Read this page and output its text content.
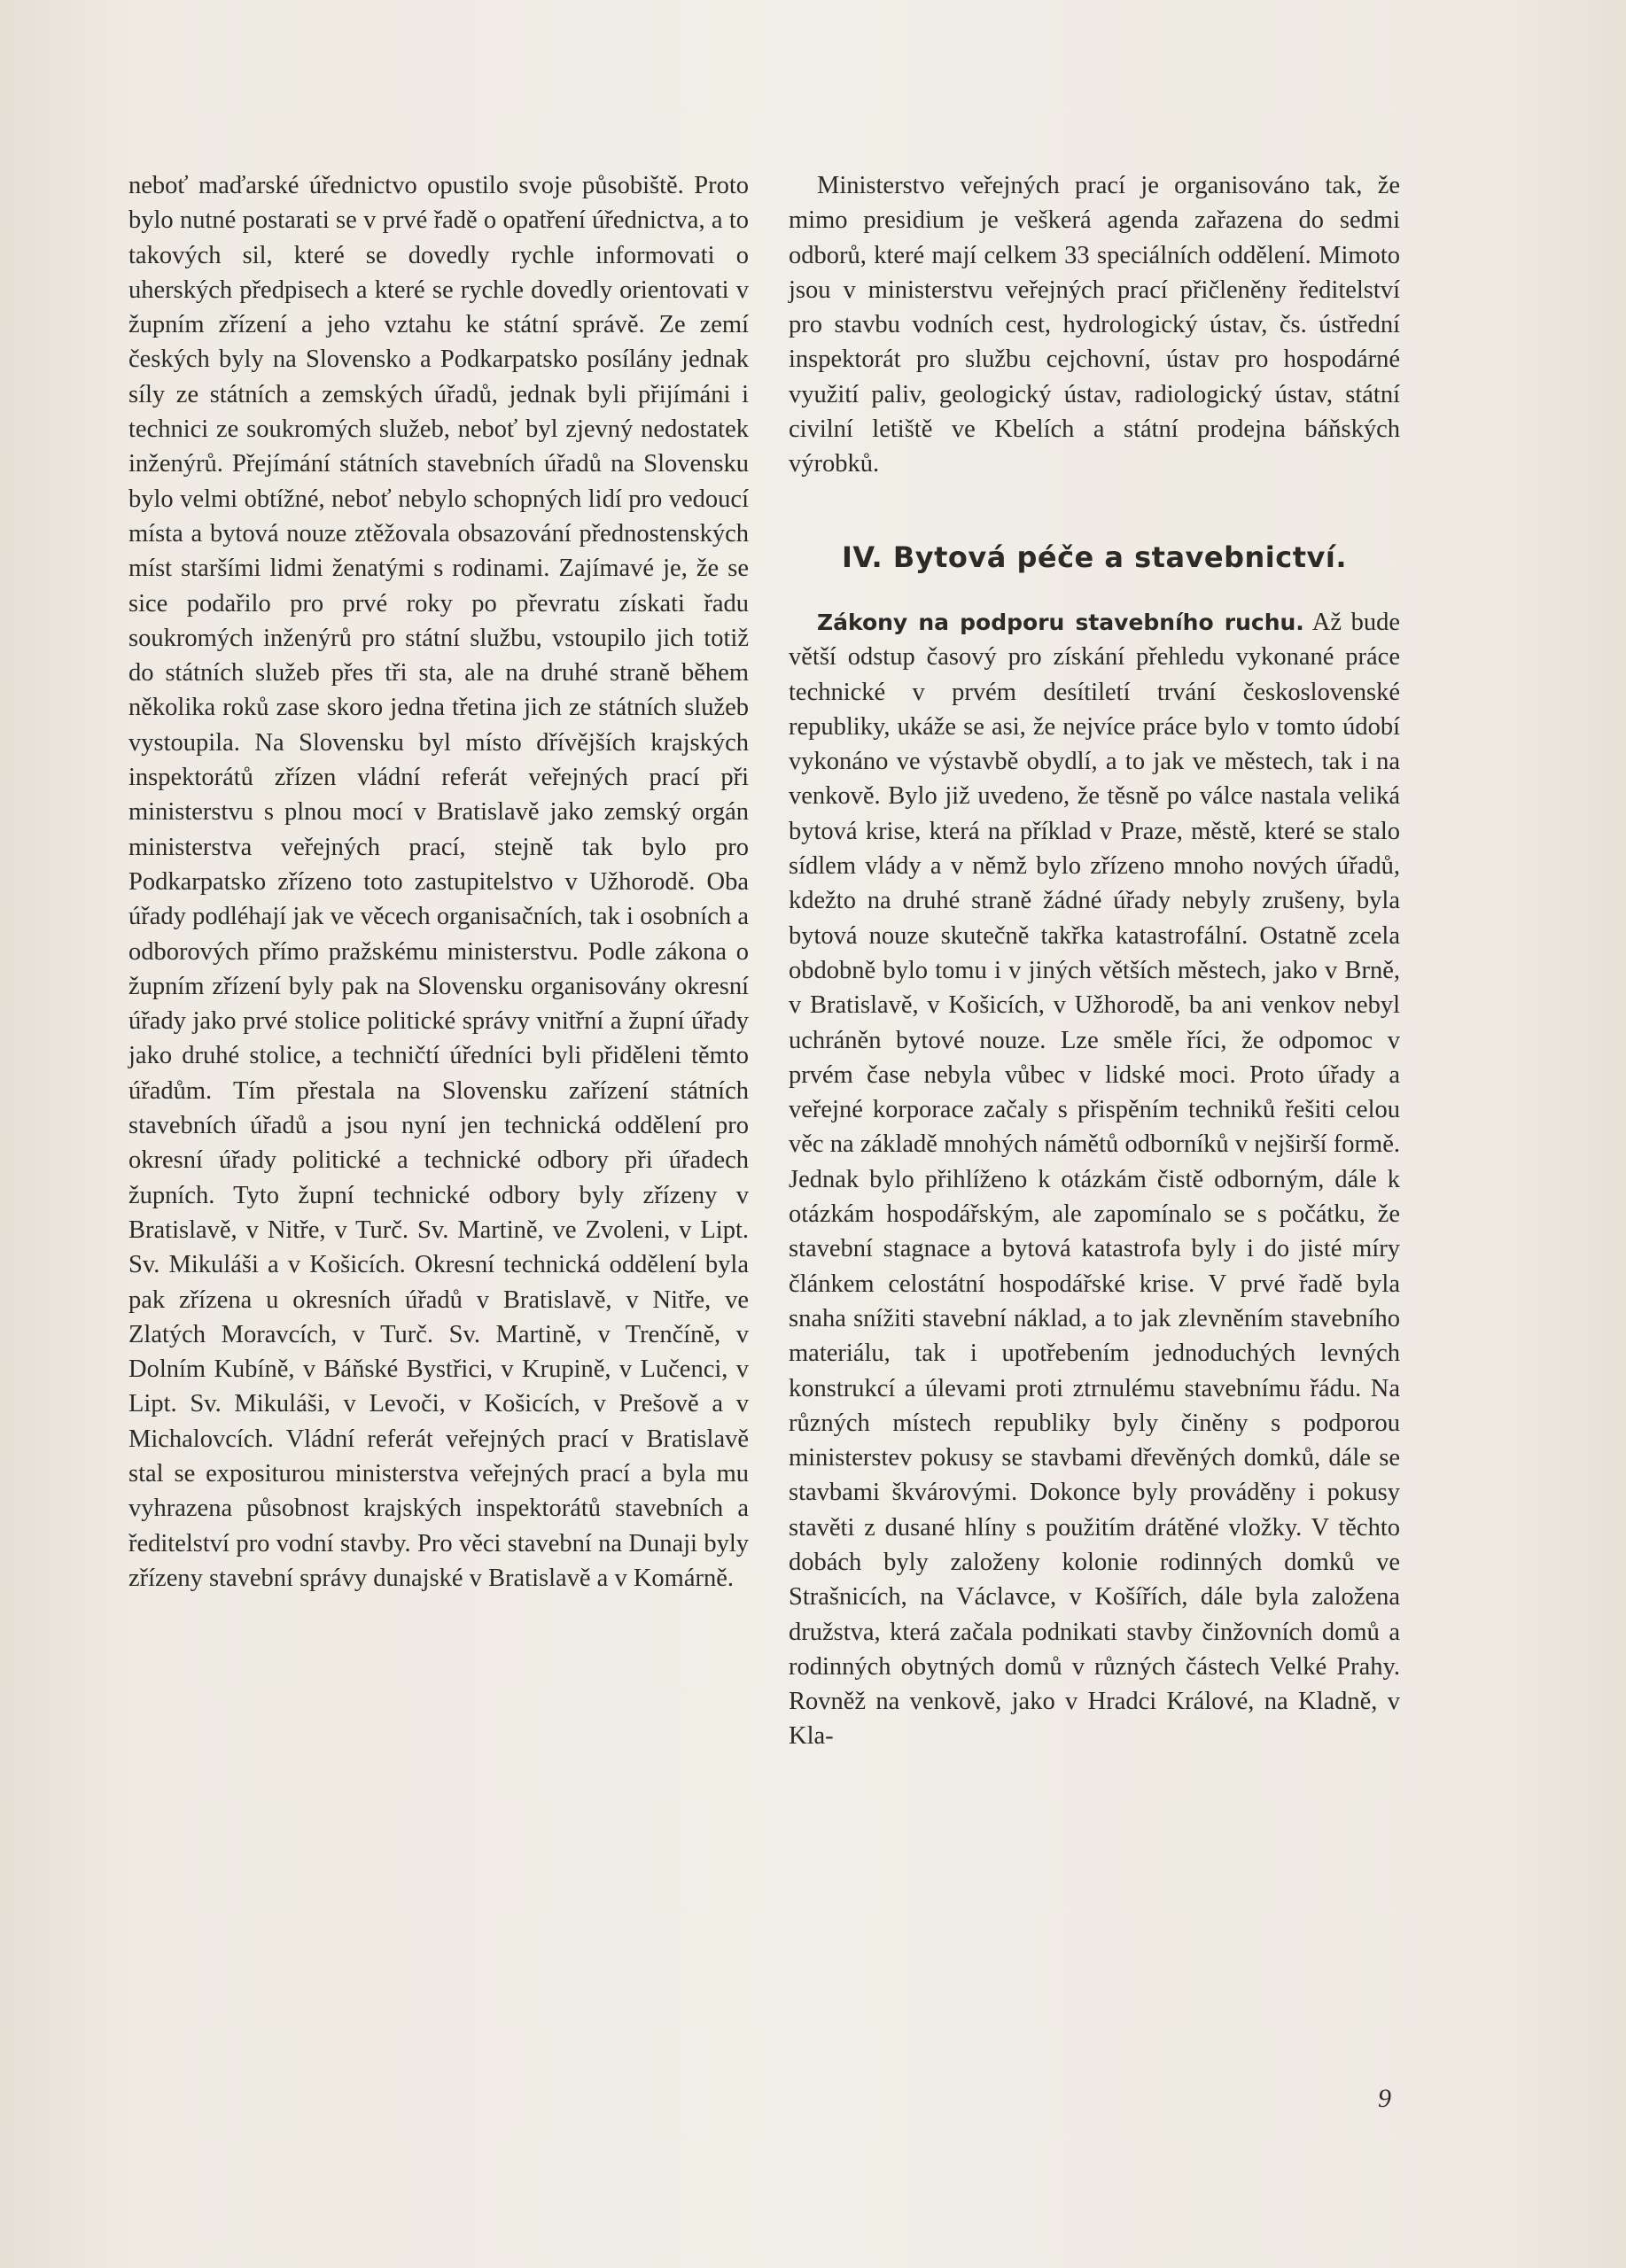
neboť maďarské úřednictvo opustilo svoje působiště. Proto bylo nutné postarati se v prvé řadě o opatření úřednictva, a to takových sil, které se dovedly rychle informovati o uherských předpisech a které se rychle dovedly orientovati v župním zřízení a jeho vztahu ke státní správě. Ze zemí českých byly na Slovensko a Podkarpatsko posílány jednak síly ze státních a zemských úřadů, jednak byli přijímáni i technici ze soukromých služeb, neboť byl zjevný nedostatek inženýrů. Přejímání státních stavebních úřadů na Slovensku bylo velmi obtížné, neboť nebylo schopných lidí pro vedoucí místa a bytová nouze ztěžovala obsazování přednostenských míst staršími lidmi ženatými s rodinami. Zajímavé je, že se sice podařilo pro prvé roky po převratu získati řadu soukromých inženýrů pro státní službu, vstoupilo jich totiž do státních služeb přes tři sta, ale na druhé straně během několika roků zase skoro jedna třetina jich ze státních služeb vystoupila. Na Slovensku byl místo dřívějších krajských inspektorátů zřízen vládní referát veřejných prací při ministerstvu s plnou mocí v Bratislavě jako zemský orgán ministerstva veřejných prací, stejně tak bylo pro Podkarpatsko zřízeno toto zastupitelstvo v Užhorodě. Oba úřady podléhají jak ve věcech organisačních, tak i osobních a odborových přímo pražskému ministerstvu. Podle zákona o župním zřízení byly pak na Slovensku organisovány okresní úřady jako prvé stolice politické správy vnitřní a župní úřady jako druhé stolice, a techničtí úředníci byli přiděleni těmto úřadům. Tím přestala na Slovensku zařízení státních stavebních úřadů a jsou nyní jen technická oddělení pro okresní úřady politické a technické odbory při úřadech župních. Tyto župní technické odbory byly zřízeny v Bratislavě, v Nitře, v Turč. Sv. Martině, ve Zvoleni, v Lipt. Sv. Mikuláši a v Košicích. Okresní technická oddělení byla pak zřízena u okresních úřadů v Bratislavě, v Nitře, ve Zlatých Moravcích, v Turč. Sv. Martině, v Trenčíně, v Dolním Kubíně, v Báňské Bystřici, v Krupině, v Lučenci, v Lipt. Sv. Mikuláši, v Levoči, v Košicích, v Prešově a v Michalovcích. Vládní referát veřejných prací v Bratislavě stal se expositurou ministerstva veřejných prací a byla mu vyhrazena působnost krajských inspektorátů stavebních a ředitelství pro vodní stavby. Pro věci stavební na Dunaji byly zřízeny stavební správy dunajské v Bratislavě a v Komárně.

Ministerstvo veřejných prací je organisováno tak, že mimo presidium je veškerá agenda zařazena do sedmi odborů, které mají celkem 33 speciálních oddělení. Mimoto jsou v ministerstvu veřejných prací přičleněny ředitelství pro stavbu vodních cest, hydrologický ústav, čs. ústřední inspektorát pro službu cejchovní, ústav pro hospodárné využití paliv, geologický ústav, radiologický ústav, státní civilní letiště ve Kbelích a státní prodejna báňských výrobků.

IV. Bytová péče a stavebnictví.

Zákony na podporu stavebního ruchu. Až bude větší odstup časový pro získání přehledu vykonané práce technické v prvém desítiletí trvání československé republiky, ukáže se asi, že nejvíce práce bylo v tomto údobí vykonáno ve výstavbě obydlí, a to jak ve městech, tak i na venkově. Bylo již uvedeno, že těsně po válce nastala veliká bytová krise, která na příklad v Praze, městě, které se stalo sídlem vlády a v němž bylo zřízeno mnoho nových úřadů, kdežto na druhé straně žádné úřady nebyly zrušeny, byla bytová nouze skutečně takřka katastrofální. Ostatně zcela obdobně bylo tomu i v jiných větších městech, jako v Brně, v Bratislavě, v Košicích, v Užhorodě, ba ani venkov nebyl uchráněn bytové nouze. Lze směle říci, že odpomoc v prvém čase nebyla vůbec v lidské moci. Proto úřady a veřejné korporace začaly s přispěním techniků řešiti celou věc na základě mnohých námětů odborníků v nejširší formě. Jednak bylo přihlíženo k otázkám čistě odborným, dále k otázkám hospodářským, ale zapomínalo se s počátku, že stavební stagnace a bytová katastrofa byly i do jisté míry článkem celostátní hospodářské krise. V prvé řadě byla snaha snížiti stavební náklad, a to jak zlevněním stavebního materiálu, tak i upotřebením jednoduchých levných konstrukcí a úlevami proti ztrnulému stavebnímu řádu. Na různých místech republiky byly činěny s podporou ministerstev pokusy se stavbami dřevěných domků, dále se stavbami škvárovými. Dokonce byly prováděny i pokusy stavěti z dusané hlíny s použitím drátěné vložky. V těchto dobách byly založeny kolonie rodinných domků ve Strašnicích, na Václavce, v Košířích, dále byla založena družstva, která začala podnikati stavby činžovních domů a rodinných obytných domů v různých částech Velké Prahy. Rovněž na venkově, jako v Hradci Králové, na Kladně, v Kla-

9
